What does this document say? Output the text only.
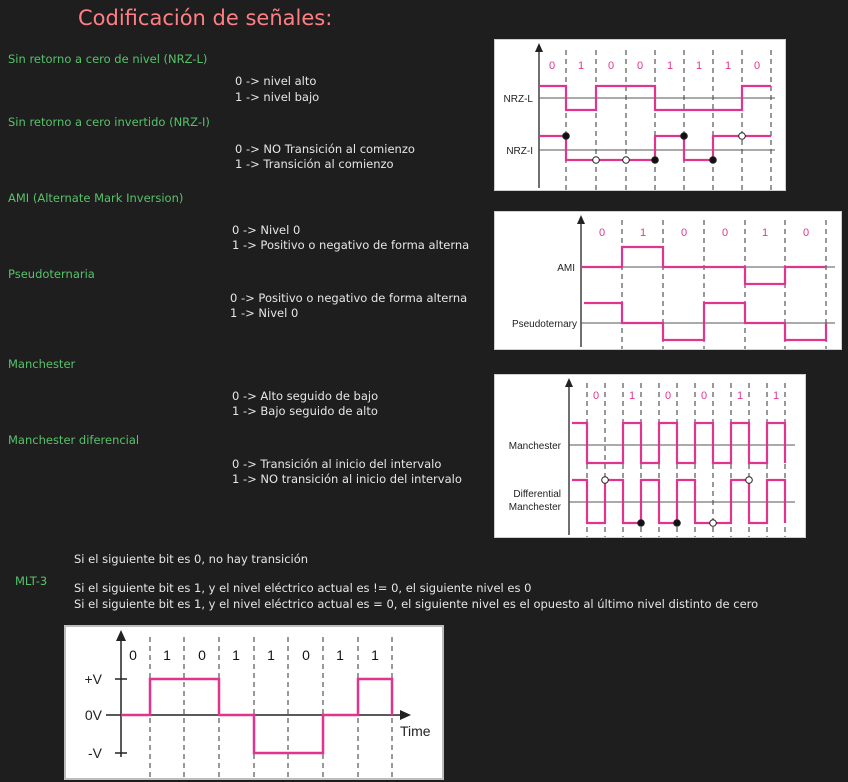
Codificación de señales:
Sin retorno a cero de nivel (NRZ-L)
0 -> nivel alto
1 -> nivel bajo
Sin retorno a cero invertido (NRZ-I)
0 -> NO Transición al comienzo
1 -> Transición al comienzo
AMI (Alternate Mark Inversion)
0 -> Nivel 0
1 -> Positivo o negativo de forma alterna
Pseudoternaria
0 -> Positivo o negativo de forma alterna
1 -> Nivel 0
Manchester
0 -> Alto seguido de bajo
1 -> Bajo seguido de alto
Manchester diferencial
0 -> Transición al inicio del intervalo
1 -> NO transición al inicio del intervalo
Si el siguiente bit es 0, no hay transición
MLT-3 Si el siguiente bit es 1, y el nivel eléctrico actual es != 0, el siguiente nivel es 0
Si el siguiente bit es 1, y el nivel eléctrico actual es = 0, el siguiente nivel es el opuesto al último nivel distinto de cero
0 1 0 0 1 1 1 0
NRZ-L
NRZ-I
0	1	0	0	1	0
AMI
Pseudoternary
0	1	0	0	1	1
Manchester
Differential
Manchester
+V
0V
-V
Time
0 1 0 1 1 0 1 1
